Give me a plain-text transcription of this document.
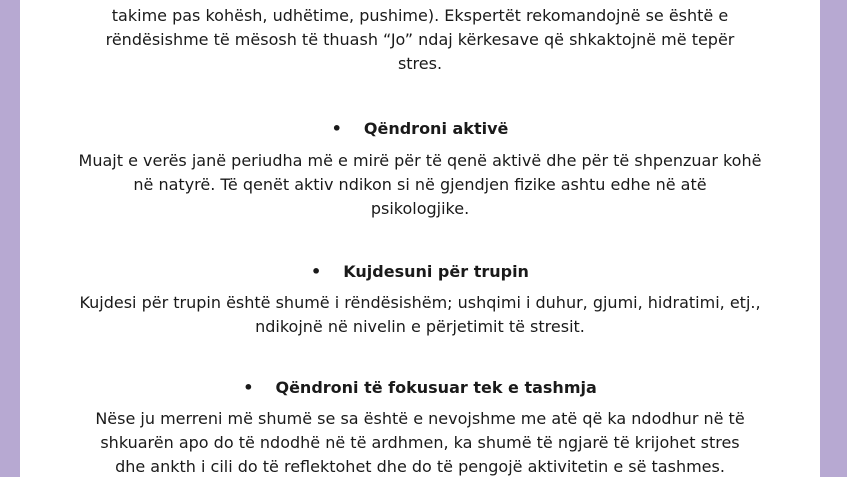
takime pas kohësh, udhëtime, pushime). Ekspertët rekomandojnë se është e
rëndësishme të mësosh të thuash “Jo” ndaj kërkesave që shkaktojnë më tepër
stres.
• Qëndroni aktivë
Muajt e verës janë periudha më e mirë për të qenë aktivë dhe për të shpenzuar kohë
në natyrë. Të qenët aktiv ndikon si në gjendjen fizike ashtu edhe në atë
psikologjike.
• Kujdesuni për trupin
Kujdesi për trupin është shumë i rëndësishëm; ushqimi i duhur, gjumi, hidratimi, etj.,
ndikojnë në nivelin e përjetimit të stresit.
• Qëndroni të fokusuar tek e tashmja
Nëse ju merreni më shumë se sa është e nevojshme me atë që ka ndodhur në të
shkuarën apo do të ndodhë në të ardhmen, ka shumë të ngjarë të krijohet stres
dhe ankth i cili do të reflektohet dhe do të pengojë aktivitetin e së tashmes.
